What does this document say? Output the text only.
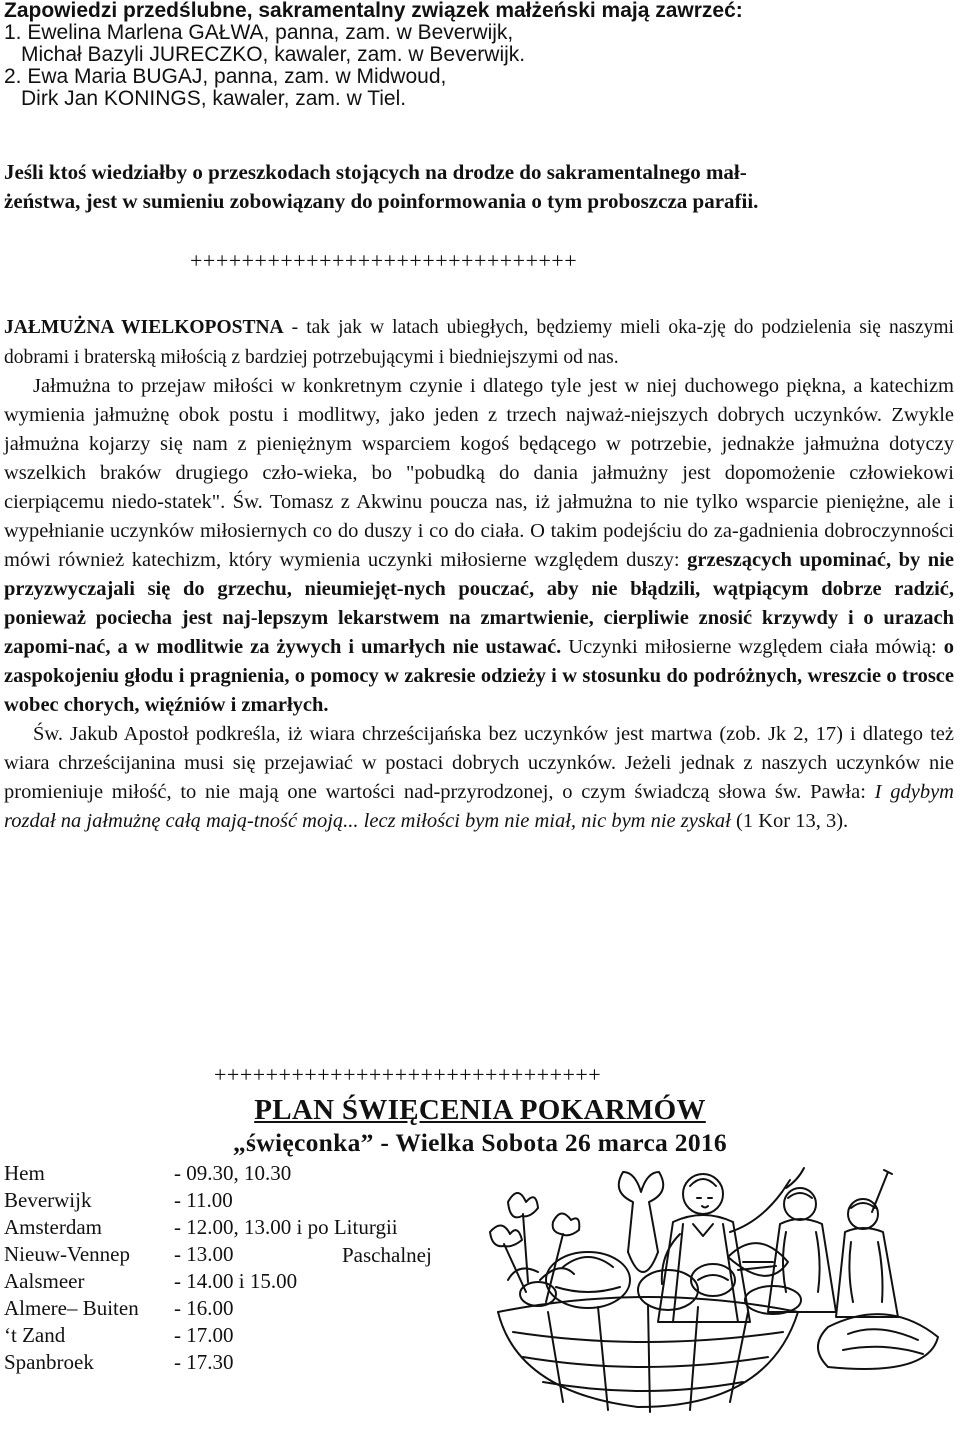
Zapowiedzi przedślubne, sakramentalny związek małżeński mają zawrzeć:
1. Ewelina Marlena GAŁWA, panna, zam. w Beverwijk,
Michał Bazyli JURECZKO, kawaler, zam. w Beverwijk.
2. Ewa Maria BUGAJ, panna, zam. w Midwoud,
Dirk Jan KONINGS, kawaler, zam. w Tiel.
Jeśli ktoś wiedziałby o przeszkodach stojących na drodze do sakramentalnego mał-
żeństwa, jest w sumieniu zobowiązany do poinformowania o tym proboszcza parafii.
++++++++++++++++++++++++++++++

JAŁMUŻNA WIELKOPOSTNA - tak jak w latach ubiegłych, będziemy mieli oka-zję do podzielenia się naszymi dobrami i braterską miłością z bardziej potrzebującymi i biedniejszymi od nas.

Jałmużna to przejaw miłości w konkretnym czynie i dlatego tyle jest w niej duchowego piękna, a katechizm wymienia jałmużnę obok postu i modlitwy, jako jeden z trzech najważ-niejszych dobrych uczynków. Zwykle jałmużna kojarzy się nam z pieniężnym wsparciem kogoś będącego w potrzebie, jednakże jałmużna dotyczy wszelkich braków drugiego czło-wieka, bo "pobudką do dania jałmużny jest dopomożenie człowiekowi cierpiącemu niedo-statek". Św. Tomasz z Akwinu poucza nas, iż jałmużna to nie tylko wsparcie pieniężne, ale i wypełnianie uczynków miłosiernych co do duszy i co do ciała. O takim podejściu do za-gadnienia dobroczynności mówi również katechizm, który wymienia uczynki miłosierne względem duszy: grzeszących upominać, by nie przyzwyczajali się do grzechu, nieumiejęt-nych pouczać, aby nie błądzili, wątpiącym dobrze radzić, ponieważ pociecha jest naj-lepszym lekarstwem na zmartwienie, cierpliwie znosić krzywdy i o urazach zapomi-nać, a w modlitwie za żywych i umarłych nie ustawać. Uczynki miłosierne względem ciała mówią: o zaspokojeniu głodu i pragnienia, o pomocy w zakresie odzieży i w stosunku do podróżnych, wreszcie o trosce wobec chorych, więźniów i zmarłych.

Św. Jakub Apostoł podkreśla, iż wiara chrześcijańska bez uczynków jest martwa (zob. Jk 2, 17) i dlatego też wiara chrześcijanina musi się przejawiać w postaci dobrych uczynków. Jeżeli jednak z naszych uczynków nie promieniuje miłość, to nie mają one wartości nad-przyrodzonej, o czym świadczą słowa św. Pawła: I gdybym rozdał na jałmużnę całą mają-tność moją... lecz miłości bym nie miał, nic bym nie zyskał (1 Kor 13, 3).

++++++++++++++++++++++++++++++
PLAN ŚWIĘCENIA POKARMÓW
„święconka” - Wielka Sobota 26 marca 2016
Hem	- 09.30, 10.30
Beverwijk	- 11.00
Amsterdam	- 12.00, 13.00 i po Liturgii
Nieuw-Vennep - 13.00
Aalsmeer	- 14.00 i 15.00
Almere– Buiten - 16.00
‘t Zand	- 17.00
Spanbroek	- 17.30
Paschalnej
